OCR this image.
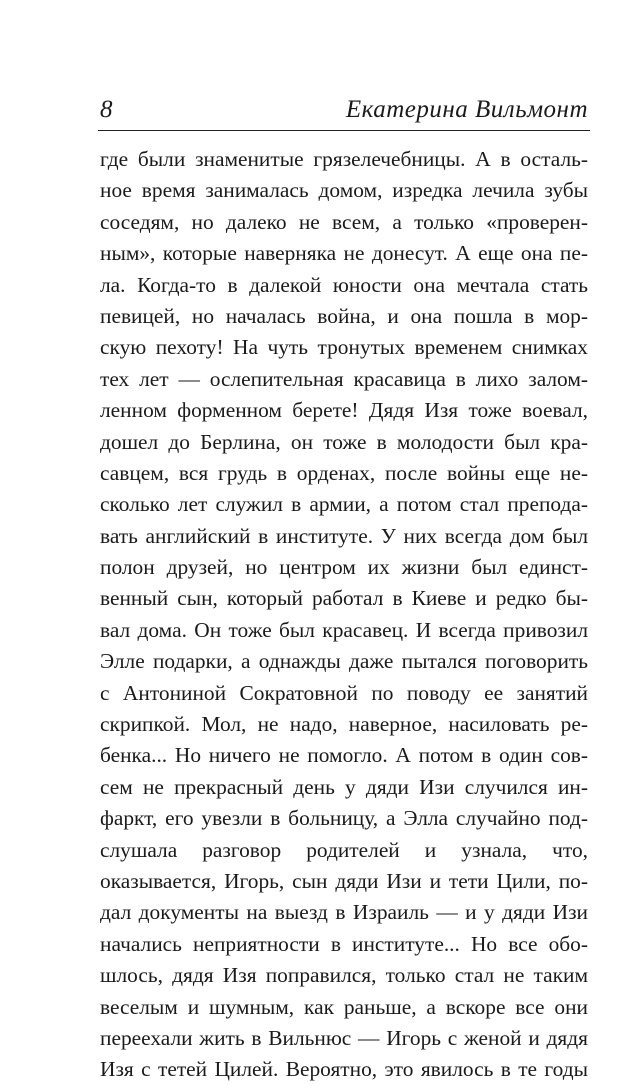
8	Екатерина Вильмонт
где были знаменитые грязелечебницы. А в осталь-
ное время занималась домом, изредка лечила зубы
соседям, но далеко не всем, а только «проверен-
ным», которые наверняка не донесут. А еще она пе-
ла. Когда-то в далекой юности она мечтала стать
певицей, но началась война, и она пошла в мор-
скую пехоту! На чуть тронутых временем снимках
тех лет — ослепительная красавица в лихо залом-
ленном форменном берете! Дядя Изя тоже воевал,
дошел до Берлина, он тоже в молодости был кра-
савцем, вся грудь в орденах, после войны еще не-
сколько лет служил в армии, а потом стал препода-
вать английский в институте. У них всегда дом был
полон друзей, но центром их жизни был единст-
венный сын, который работал в Киеве и редко бы-
вал дома. Он тоже был красавец. И всегда привозил
Элле подарки, а однажды даже пытался поговорить
с Антониной Сократовной по поводу ее занятий
скрипкой. Мол, не надо, наверное, насиловать ре-
бенка... Но ничего не помогло. А потом в один сов-
сем не прекрасный день у дяди Изи случился ин-
фаркт, его увезли в больницу, а Элла случайно под-
слушала разговор родителей и узнала, что,
оказывается, Игорь, сын дяди Изи и тети Цили, по-
дал документы на выезд в Израиль — и у дяди Изи
начались неприятности в институте... Но все обо-
шлось, дядя Изя поправился, только стал не таким
веселым и шумным, как раньше, а вскоре все они
переехали жить в Вильнюс — Игорь с женой и дядя
Изя с тетей Цилей. Вероятно, это явилось в те годы
